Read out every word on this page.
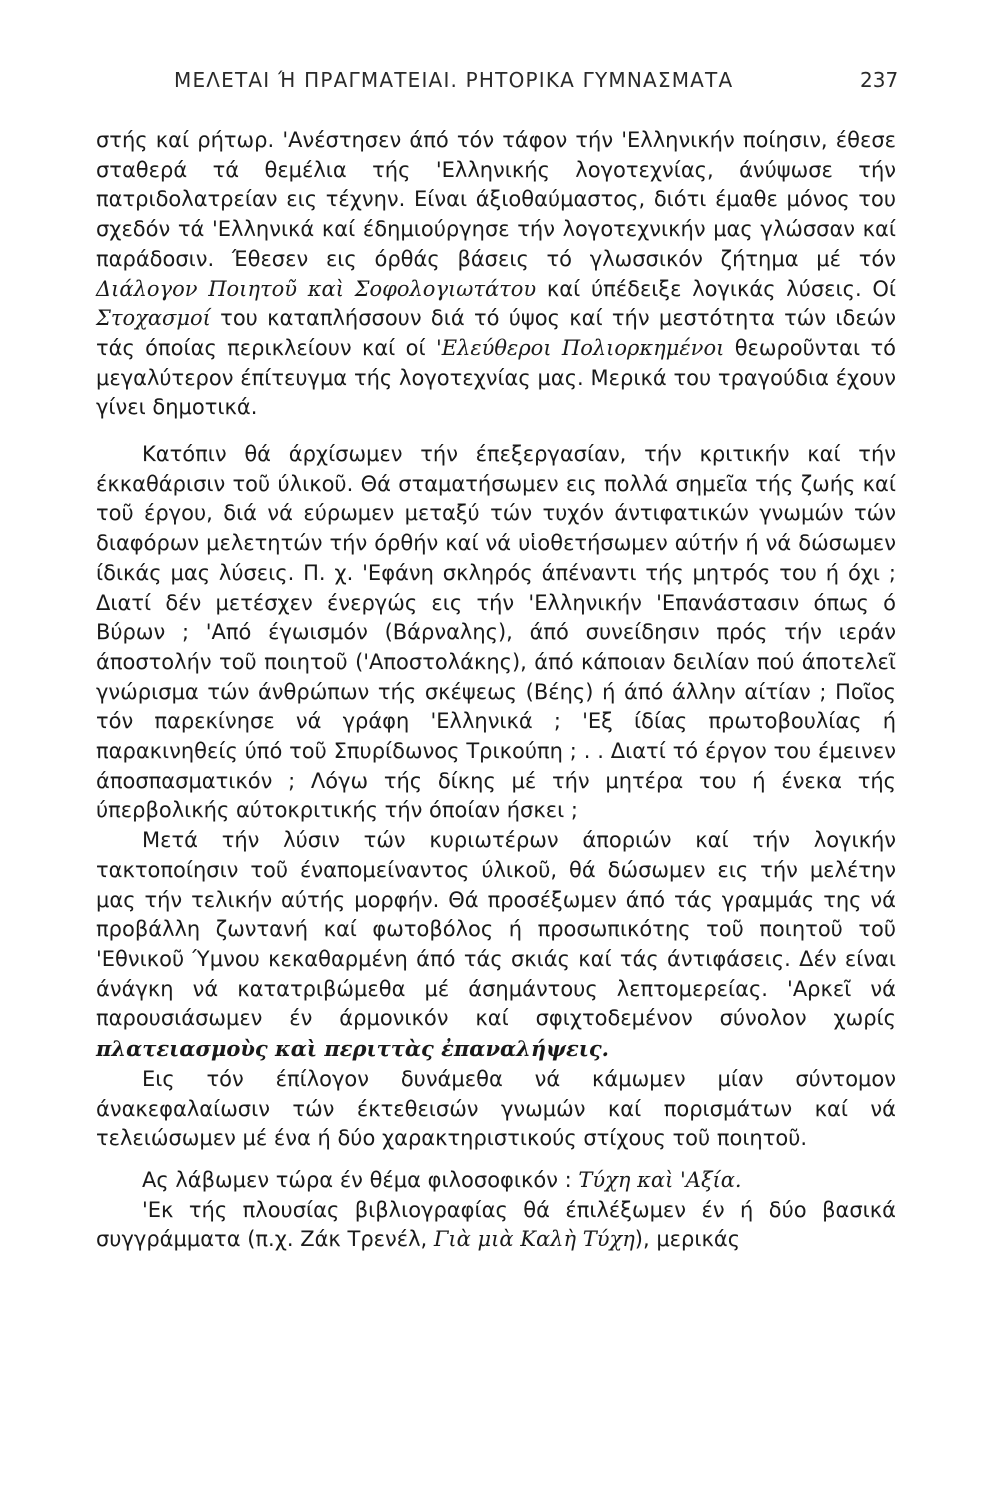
ΜΕΛΕΤΑΙ Ή ΠΡΑΓΜΑΤΕΙΑΙ. ΡΗΤΟΡΙΚΑ ΓΥΜΝΑΣΜΑΤΑ	237

στής καί ρήτωρ. 'Ανέστησεν άπό τόν τάφον τήν 'Ελληνικήν ποίησιν, έθεσε σταθερά τά θεμέλια τής 'Ελληνικής λογοτεχνίας, άνύψωσε τήν πατριδολατρείαν εις τέχνην. Είναι άξιοθαύμαστος, διότι έμαθε μόνος του σχεδόν τά 'Ελληνικά καί έδημιούργησε τήν λογοτεχνικήν μας γλώσσαν καί παράδοσιν. Έθεσεν εις όρθάς βάσεις τό γλωσσικόν ζήτημα μέ τόν Διάλογον Ποιητοῦ καὶ Σοφολογιωτάτου καί ύπέδειξε λογικάς λύσεις. Οί Στοχασμοί του καταπλήσσουν διά τό ύψος καί τήν μεστότητα τών ιδεών τάς όποίας περικλείουν καί οί 'Ελεύθεροι Πολιορκημένοι θεωροῦνται τό μεγαλύτερον έπίτευγμα τής λογοτεχνίας μας. Μερικά του τραγούδια έχουν γίνει δημοτικά.

Κατόπιν θά άρχίσωμεν τήν έπεξεργασίαν, τήν κριτικήν καί τήν έκκαθάρισιν τοῦ ύλικοῦ. Θά σταματήσωμεν εις πολλά σημεῖα τής ζωής καί τοῦ έργου, διά νά εύρωμεν μεταξύ τών τυχόν άντιφατικών γνωμών τών διαφόρων μελετητών τήν όρθήν καί νά υἱοθετήσωμεν αύτήν ή νά δώσωμεν ίδικάς μας λύσεις. Π. χ. 'Εφάνη σκληρός άπέναντι τής μητρός του ή όχι ; Διατί δέν μετέσχεν ένεργώς εις τήν 'Ελληνικήν 'Επανάστασιν όπως ό Βύρων ; 'Από έγωισμόν (Βάρναλης), άπό συνείδησιν πρός τήν ιεράν άποστολήν τοῦ ποιητοῦ ('Αποστολάκης), άπό κάποιαν δειλίαν πού άποτελεῖ γνώρισμα τών άνθρώπων τής σκέψεως (Βέης) ή άπό άλλην αίτίαν ; Ποῖος τόν παρεκίνησε νά γράφη 'Ελληνικά ; 'Εξ ίδίας πρωτοβουλίας ή παρακινηθείς ύπό τοῦ Σπυρίδωνος Τρικούπη ; . . Διατί τό έργον του έμεινεν άποσπασματικόν ; Λόγω τής δίκης μέ τήν μητέρα του ή ένεκα τής ύπερβολικής αύτοκριτικής τήν όποίαν ήσκει ;

Μετά τήν λύσιν τών κυριωτέρων άποριών καί τήν λογικήν τακτοποίησιν τοῦ έναπομείναντος ύλικοῦ, θά δώσωμεν εις τήν μελέτην μας τήν τελικήν αύτής μορφήν. Θά προσέξωμεν άπό τάς γραμμάς της νά προβάλλη ζωντανή καί φωτοβόλος ή προσωπικότης τοῦ ποιητοῦ τοῦ 'Εθνικοῦ Ύμνου κεκαθαρμένη άπό τάς σκιάς καί τάς άντιφάσεις. Δέν είναι άνάγκη νά κατατριβώμεθα μέ άσημάντους λεπτομερείας. 'Αρκεῖ νά παρουσιάσωμεν έν άρμονικόν καί σφιχτοδεμένον σύνολον χωρίς πλατειασμοὺς καὶ περιττὰς ἐπαναλήψεις.

Εις τόν έπίλογον δυνάμεθα νά κάμωμεν μίαν σύντομον άνακεφαλαίωσιν τών έκτεθεισών γνωμών καί πορισμάτων καί νά τελειώσωμεν μέ ένα ή δύο χαρακτηριστικούς στίχους τοῦ ποιητοῦ.

Ας λάβωμεν τώρα έν θέμα φιλοσοφικόν : Τύχη καὶ 'Αξία.

'Εκ τής πλουσίας βιβλιογραφίας θά έπιλέξωμεν έν ή δύο βασικά συγγράμματα (π.χ. Ζάκ Τρενέλ, Γιὰ μιὰ Καλὴ Τύχη), μερικάς
